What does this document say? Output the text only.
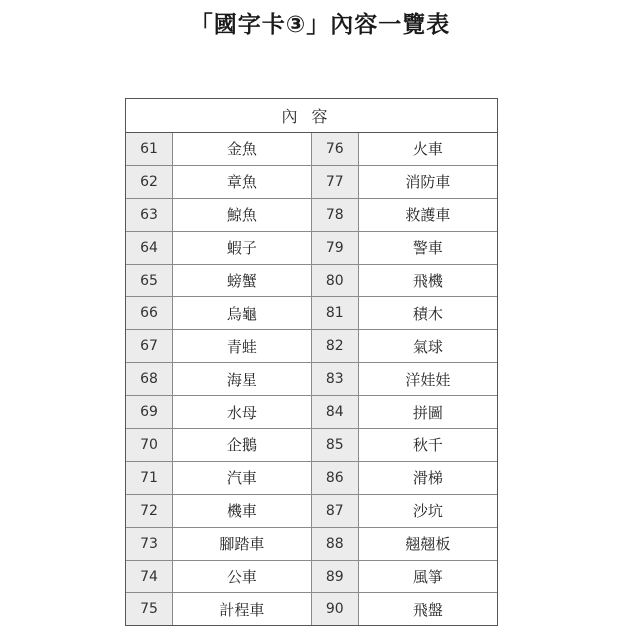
「國字卡③」內容一覽表
內容
61	金魚	76	火車
62	章魚	77	消防車
63	鯨魚	78	救護車
64	蝦子	79	警車
65	螃蟹	80	飛機
66	烏龜	81	積木
67	青蛙	82	氣球
68	海星	83	洋娃娃
69	水母	84	拼圖
70	企鵝	85	秋千
71	汽車	86	滑梯
72	機車	87	沙坑
73	腳踏車	88	翹翹板
74	公車	89	風箏
75	計程車	90	飛盤
